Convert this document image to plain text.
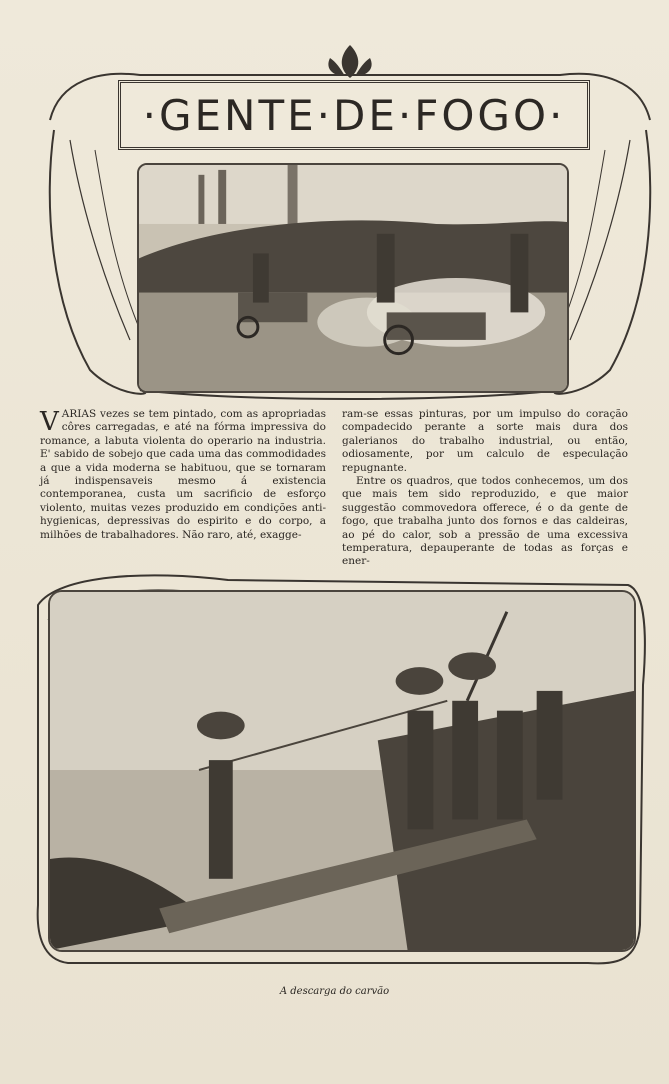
·GENTE·DE·FOGO·

VARIAS vezes se tem pintado, com as apropriadas côres carregadas, e até na fórma impressiva do romance, a labuta violenta do operario na industria. E' sabido de sobejo que cada uma das commodidades a que a vida moderna se habituou, que se tornaram já indispensaveis mesmo á existencia contemporanea, custa um sacrificio de esforço violento, muitas vezes produzido em condições anti-hygienicas, depressivas do espirito e do corpo, a milhões de trabalhadores. Não raro, até, exagge-

ram-se essas pinturas, por um impulso do coração compadecido perante a sorte mais dura dos galerianos do trabalho industrial, ou então, odiosamente, por um calculo de especulação repugnante.

Entre os quadros, que todos conhecemos, um dos que mais tem sido reproduzido, e que maior suggestão commovedora offerece, é o da gente de fogo, que trabalha junto dos fornos e das caldeiras, ao pé do calor, sob a pressão de uma excessiva temperatura, depauperante de todas as forças e ener-

A descarga do carvão
